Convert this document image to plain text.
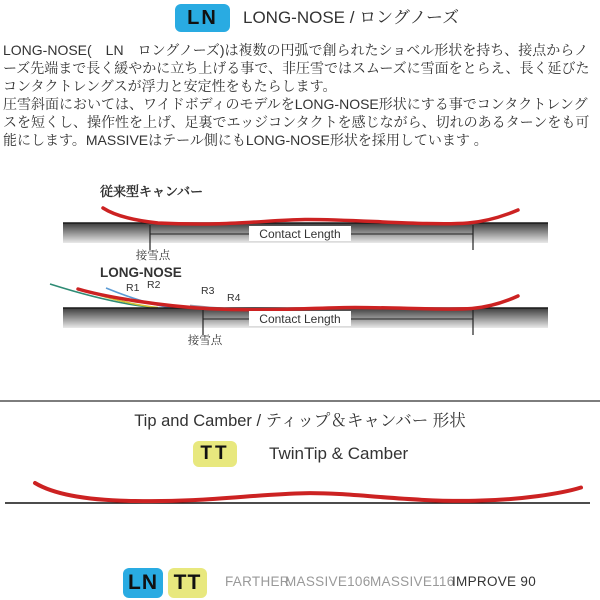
LN	LONG-NOSE / ロングノーズ

LONG-NOSE(　LN　ロングノーズ)は複数の円弧で創られたショベル形状を持ち、接点からノーズ先端まで長く緩やかに立ち上げる事で、非圧雪ではスムーズに雪面をとらえ、長く延びたコンタクトレングスが浮力と安定性をもたらします。

圧雪斜面においては、ワイドボディのモデルをLONG-NOSE形状にする事でコンタクトレングスを短くし、操作性を上げ、足裏でエッジコンタクトを感じながら、切れのあるターンをも可能にします。MASSIVEはテール側にもLONG-NOSE形状を採用しています 。

従来型キャンバー
Contact Length
接雪点
LONG-NOSE
R1 R2	R3
R4
Contact Length
接雪点
Tip and Camber / ティップ＆キャンバー 形状
TT	TwinTip & Camber
LN TT	FARTHER
MASSIVE106 MASSIVE116
IMPROVE 90
